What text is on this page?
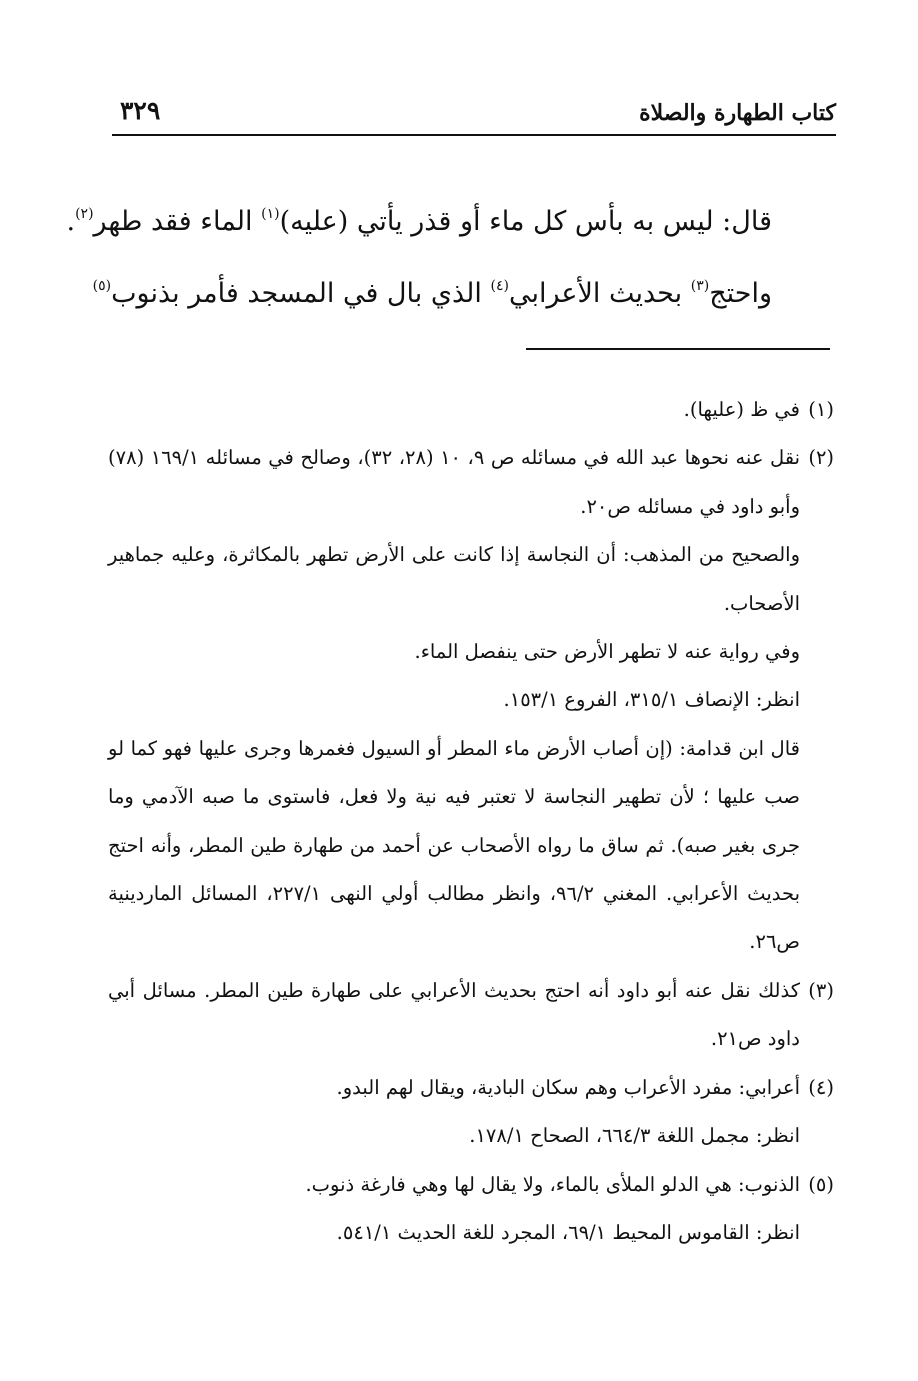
كتاب الطهارة والصلاة
٣٢٩

قال: ليس به بأس كل ماء أو قذر يأتي (عليه)$^{(١)}$ الماء فقد طهر$^{(٢)}$.

واحتج$^{(٣)}$ بحديث الأعرابي$^{(٤)}$ الذي بال في المسجد فأمر بذنوب$^{(٥)}$

(١)في ظ (عليها).

(٢)نقل عنه نحوها عبد الله في مسائله ص ٩، ١٠ (٢٨، ٣٢)، وصالح في مسائله ١٦٩/١ (٧٨) وأبو داود في مسائله ص٢٠.

والصحيح من المذهب: أن النجاسة إذا كانت على الأرض تطهر بالمكاثرة، وعليه جماهير الأصحاب.

وفي رواية عنه لا تطهر الأرض حتى ينفصل الماء.

انظر: الإنصاف ٣١٥/١، الفروع ١٥٣/١.

قال ابن قدامة: (إن أصاب الأرض ماء المطر أو السيول فغمرها وجرى عليها فهو كما لو صب عليها ؛ لأن تطهير النجاسة لا تعتبر فيه نية ولا فعل، فاستوى ما صبه الآدمي وما جرى بغير صبه). ثم ساق ما رواه الأصحاب عن أحمد من طهارة طين المطر، وأنه احتج بحديث الأعرابي. المغني ٩٦/٢، وانظر مطالب أولي النهى ٢٢٧/١، المسائل الماردينية ص٢٦.

(٣)كذلك نقل عنه أبو داود أنه احتج بحديث الأعرابي على طهارة طين المطر. مسائل أبي داود ص٢١.

(٤)أعرابي: مفرد الأعراب وهم سكان البادية، ويقال لهم البدو.

انظر: مجمل اللغة ٦٦٤/٣، الصحاح ١٧٨/١.

(٥)الذنوب: هي الدلو الملأى بالماء، ولا يقال لها وهي فارغة ذنوب.

انظر: القاموس المحيط ٦٩/١، المجرد للغة الحديث ٥٤١/١.
